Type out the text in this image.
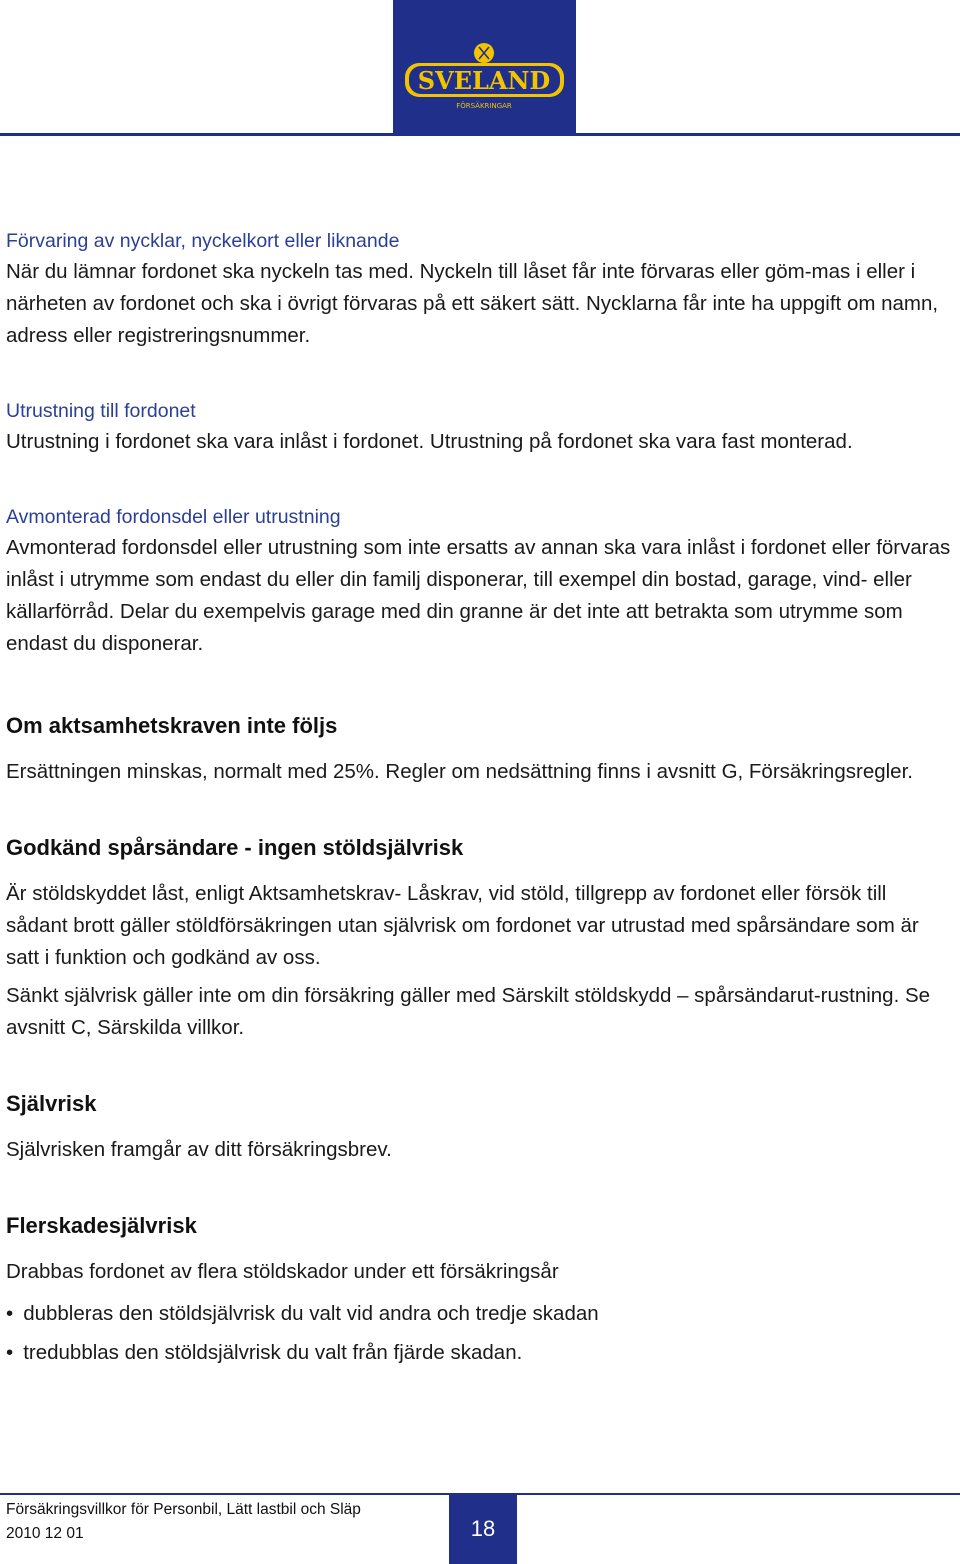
SVELAND
FÖRSÄKRINGAR

Förvaring av nycklar, nyckelkort eller liknande

När du lämnar fordonet ska nyckeln tas med. Nyckeln till låset får inte förvaras eller göm-mas i eller i närheten av fordonet och ska i övrigt förvaras på ett säkert sätt. Nycklarna får inte ha uppgift om namn, adress eller registreringsnummer.

Utrustning till fordonet

Utrustning i fordonet ska vara inlåst i fordonet. Utrustning på fordonet ska vara fast monterad.

Avmonterad fordonsdel eller utrustning

Avmonterad fordonsdel eller utrustning som inte ersatts av annan ska vara inlåst i fordonet eller förvaras inlåst i utrymme som endast du eller din familj disponerar, till exempel din bostad, garage, vind- eller källarförråd. Delar du exempelvis garage med din granne är det inte att betrakta som utrymme som endast du disponerar.

Om aktsamhetskraven inte följs

Ersättningen minskas, normalt med 25%. Regler om nedsättning finns i avsnitt G, Försäkringsregler.

Godkänd spårsändare - ingen stöldsjälvrisk

Är stöldskyddet låst, enligt Aktsamhetskrav- Låskrav, vid stöld, tillgrepp av fordonet eller försök till sådant brott gäller stöldförsäkringen utan självrisk om fordonet var utrustad med spårsändare som är satt i funktion och godkänd av oss.

Sänkt självrisk gäller inte om din försäkring gäller med Särskilt stöldskydd – spårsändarut-rustning. Se avsnitt C, Särskilda villkor.

Självrisk

Självrisken framgår av ditt försäkringsbrev.

Flerskadesjälvrisk

Drabbas fordonet av flera stöldskador under ett försäkringsår

• dubbleras den stöldsjälvrisk du valt vid andra och tredje skadan
• tredubblas den stöldsjälvrisk du valt från fjärde skadan.
Försäkringsvillkor för Personbil, Lätt lastbil och Släp
2010 12 01	18
